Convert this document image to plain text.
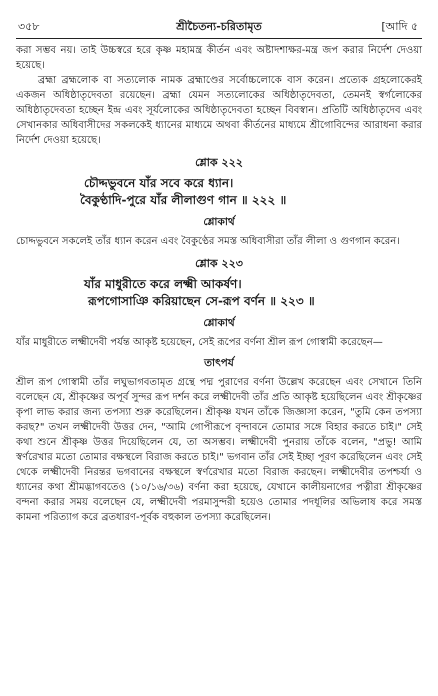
৩৫৮	শ্রীচৈতন্য-চরিতামৃত	[আদি ৫

করা সম্ভব নয়। তাই উচ্চস্বরে হরে কৃষ্ণ মহামন্ত্র কীর্তন এবং অষ্টাদশাক্ষর-মন্ত্র জপ করার নির্দেশ দেওয়া হয়েছে।

ব্রহ্মা ব্রহ্মলোক বা সত্যলোক নামক ব্রহ্মাণ্ডের সর্বোচ্চলোকে বাস করেন। প্রত্যেক গ্রহলোকেরই একজন অধিষ্ঠাতৃদেবতা রয়েছেন। ব্রহ্মা যেমন সত্যলোকের অধিষ্ঠাতৃদেবতা, তেমনই স্বর্গলোকের অধিষ্ঠাতৃদেবতা হচ্ছেন ইন্দ্র এবং সূর্যলোকের অধিষ্ঠাতৃদেবতা হচ্ছেন বিবস্বান। প্রতিটি অধিষ্ঠাতৃদেব এবং সেখানকার অধিবাসীদের সকলকেই ধ্যানের মাধ্যমে অথবা কীর্তনের মাধ্যমে শ্রীগোবিন্দের আরাধনা করার নির্দেশ দেওয়া হয়েছে।

শ্লোক ২২২
চৌদ্দভুবনে যাঁর সবে করে ধ্যান।
বৈকুণ্ঠাদি-পুরে যাঁর লীলাগুণ গান ॥ ২২২ ॥
শ্লোকার্থ

চোদ্দভুবনে সকলেই তাঁর ধ্যান করেন এবং বৈকুণ্ঠের সমস্ত অধিবাসীরা তাঁর লীলা ও গুণগান করেন।

শ্লোক ২২৩
যাঁর মাধুরীতে করে লক্ষ্মী আকর্ষণ।
রূপগোসাঞি করিয়াছেন সে-রূপ বর্ণন ॥ ২২৩ ॥
শ্লোকার্থ

যাঁর মাধুরীতে লক্ষ্মীদেবী পর্যন্ত আকৃষ্ট হয়েছেন, সেই রূপের বর্ণনা শ্রীল রূপ গোস্বামী করেছেন—

তাৎপর্য

শ্রীল রূপ গোস্বামী তাঁর লঘুভাগবতামৃত গ্রন্থে পদ্ম পুরাণের বর্ণনা উল্লেখ করেছেন এবং সেখানে তিনি বলেছেন যে, শ্রীকৃষ্ণের অপূর্ব সুন্দর রূপ দর্শন করে লক্ষ্মীদেবী তাঁর প্রতি আকৃষ্ট হয়েছিলেন এবং শ্রীকৃষ্ণের কৃপা লাভ করার জন্য তপস্যা শুরু করেছিলেন। শ্রীকৃষ্ণ যখন তাঁকে জিজ্ঞাসা করেন, "তুমি কেন তপস্যা করছ?" তখন লক্ষ্মীদেবী উত্তর দেন, "আমি গোপীরূপে বৃন্দাবনে তোমার সঙ্গে বিহার করতে চাই।" সেই কথা শুনে শ্রীকৃষ্ণ উত্তর দিয়েছিলেন যে, তা অসম্ভব। লক্ষ্মীদেবী পুনরায় তাঁকে বলেন, "প্রভু! আমি স্বর্ণরেখার মতো তোমার বক্ষস্থলে বিরাজ করতে চাই।" ভগবান তাঁর সেই ইচ্ছা পূরণ করেছিলেন এবং সেই থেকে লক্ষ্মীদেবী নিরন্তর ভগবানের বক্ষস্থলে স্বর্ণরেখার মতো বিরাজ করছেন। লক্ষ্মীদেবীর তপশ্চর্যা ও ধ্যানের কথা শ্রীমদ্ভাগবতেও (১০/১৬/৩৬) বর্ণনা করা হয়েছে, যেখানে কালীয়নাগের পত্নীরা শ্রীকৃষ্ণের বন্দনা করার সময় বলেছেন যে, লক্ষ্মীদেবী পরমাসুন্দরী হয়েও তোমার পদধূলির অভিলাষ করে সমস্ত কামনা পরিত্যাগ করে ব্রতধারণ-পূর্বক বহুকাল তপস্যা করেছিলেন।
